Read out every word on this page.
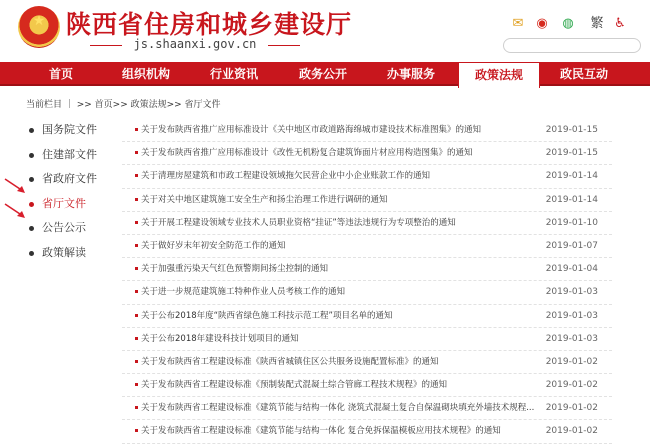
★ 陕西省住房和城乡建设厅
js.shaanxi.gov.cn
✉ ◉ ◍ 繁 ♿
首页	组织机构	行业资讯	政务公开	办事服务	政策法规	政民互动
当前栏目 ｜ >> 首页>> 政策法规>> 省厅文件
国务院文件
住建部文件
省政府文件
省厅文件
公告公示
政策解读
关于发布陕西省推广应用标准设计《关中地区市政道路海绵城市建设技术标准图集》的通知	2019-01-15
关于发布陕西省推广应用标准设计《改性无机粉复合建筑饰面片材应用构造图集》的通知	2019-01-15
关于清理房屋建筑和市政工程建设领域拖欠民营企业中小企业账款工作的通知	2019-01-14
关于对关中地区建筑施工安全生产和扬尘治理工作进行调研的通知	2019-01-14
关于开展工程建设领域专业技术人员职业资格“挂证”等违法违规行为专项整治的通知	2019-01-10
关于做好岁末年初安全防范工作的通知	2019-01-07
关于加强重污染天气红色预警期间扬尘控制的通知	2019-01-04
关于进一步规范建筑施工特种作业人员考核工作的通知	2019-01-03
关于公布2018年度“陕西省绿色施工科技示范工程”项目名单的通知	2019-01-03
关于公布2018年建设科技计划项目的通知	2019-01-03
关于发布陕西省工程建设标准《陕西省城镇住区公共服务设施配置标准》的通知	2019-01-02
关于发布陕西省工程建设标准《预制装配式混凝土综合管廊工程技术规程》的通知	2019-01-02
关于发布陕西省工程建设标准《建筑节能与结构一体化 浇筑式混凝土复合自保温砌块填充外墙技术规程...	2019-01-02
关于发布陕西省工程建设标准《建筑节能与结构一体化 复合免拆保温模板应用技术规程》的通知	2019-01-02
